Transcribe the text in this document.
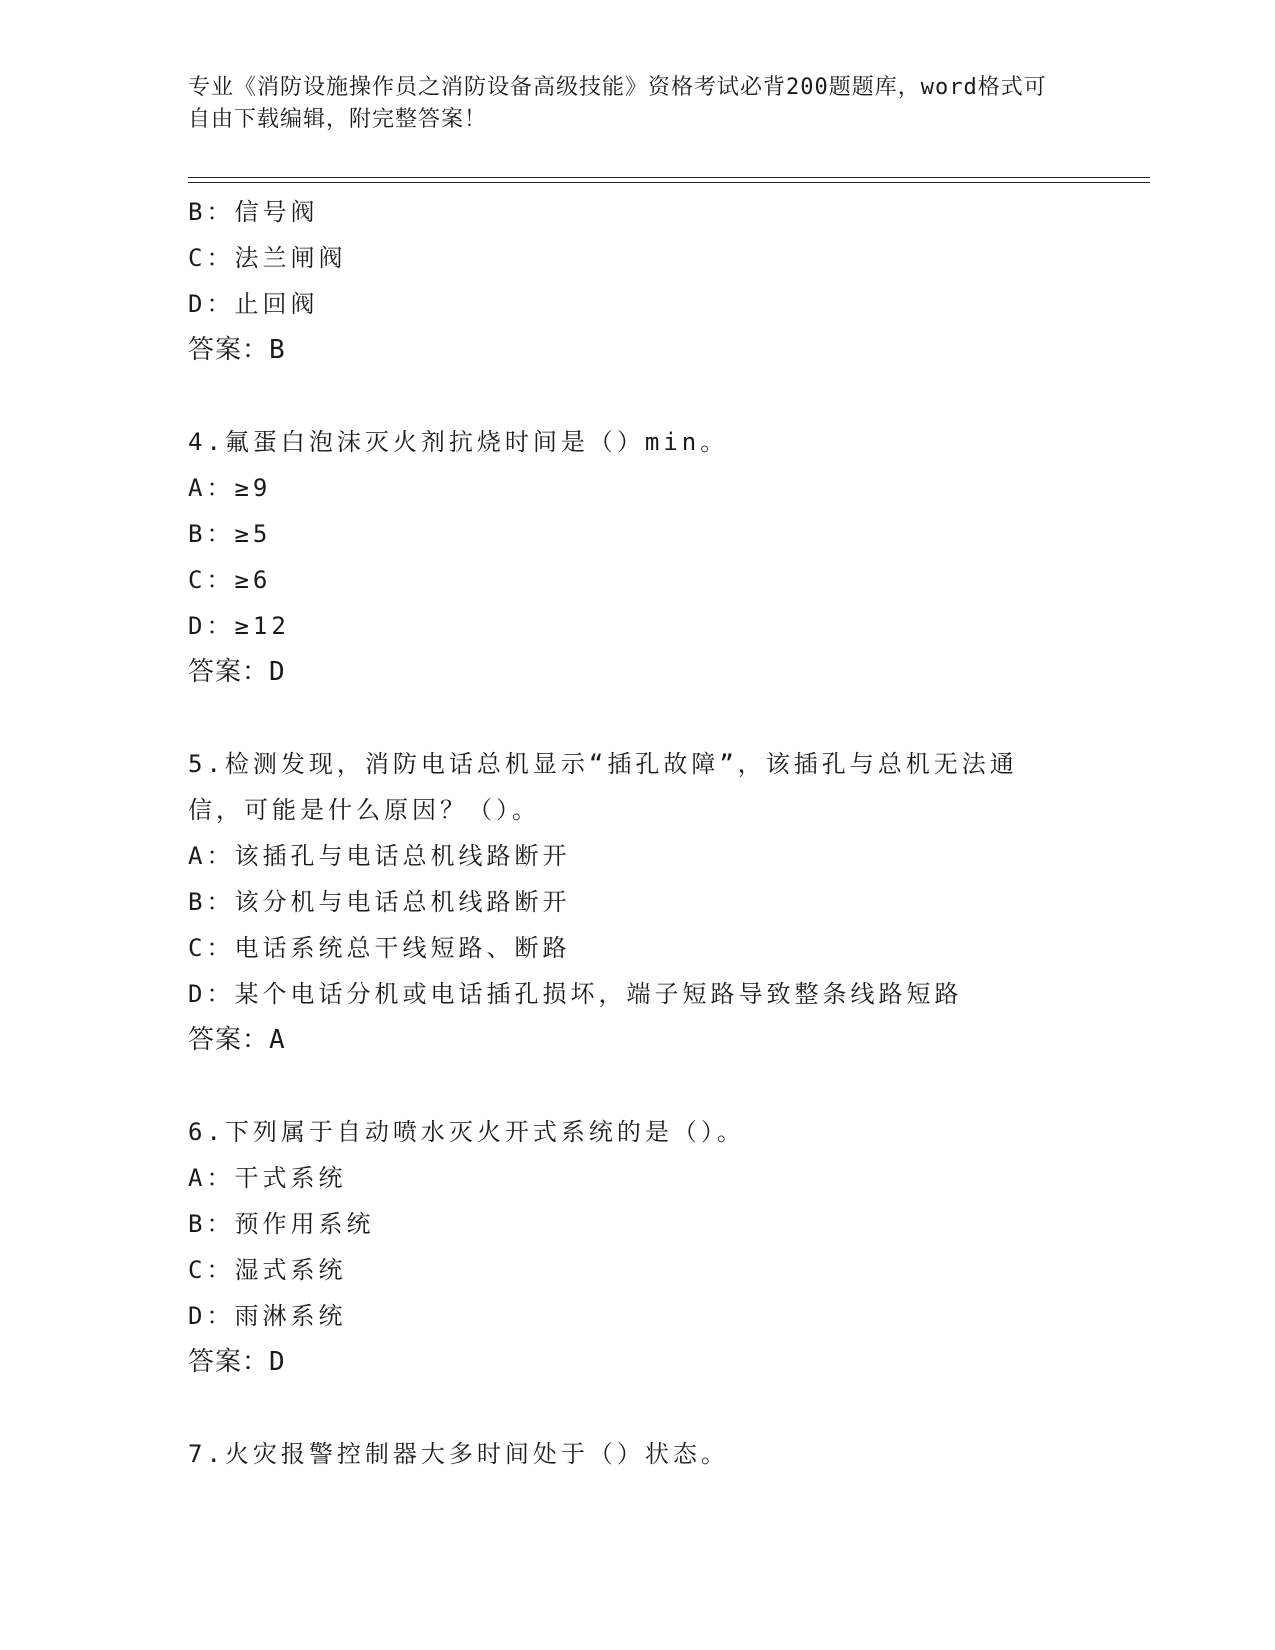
专业《消防设施操作员之消防设备高级技能》资格考试必背200题题库，word格式可自由下载编辑，附完整答案！
B：信号阀
C：法兰闸阀
D：止回阀
答案：B
4.氟蛋白泡沫灭火剂抗烧时间是（）min。
A：≥9
B：≥5
C：≥6
D：≥12
答案：D
5.检测发现，消防电话总机显示“插孔故障”，该插孔与总机无法通信，可能是什么原因？（）。
A：该插孔与电话总机线路断开
B：该分机与电话总机线路断开
C：电话系统总干线短路、断路
D：某个电话分机或电话插孔损坏，端子短路导致整条线路短路
答案：A
6.下列属于自动喷水灭火开式系统的是（）。
A：干式系统
B：预作用系统
C：湿式系统
D：雨淋系统
答案：D
7.火灾报警控制器大多时间处于（）状态。
